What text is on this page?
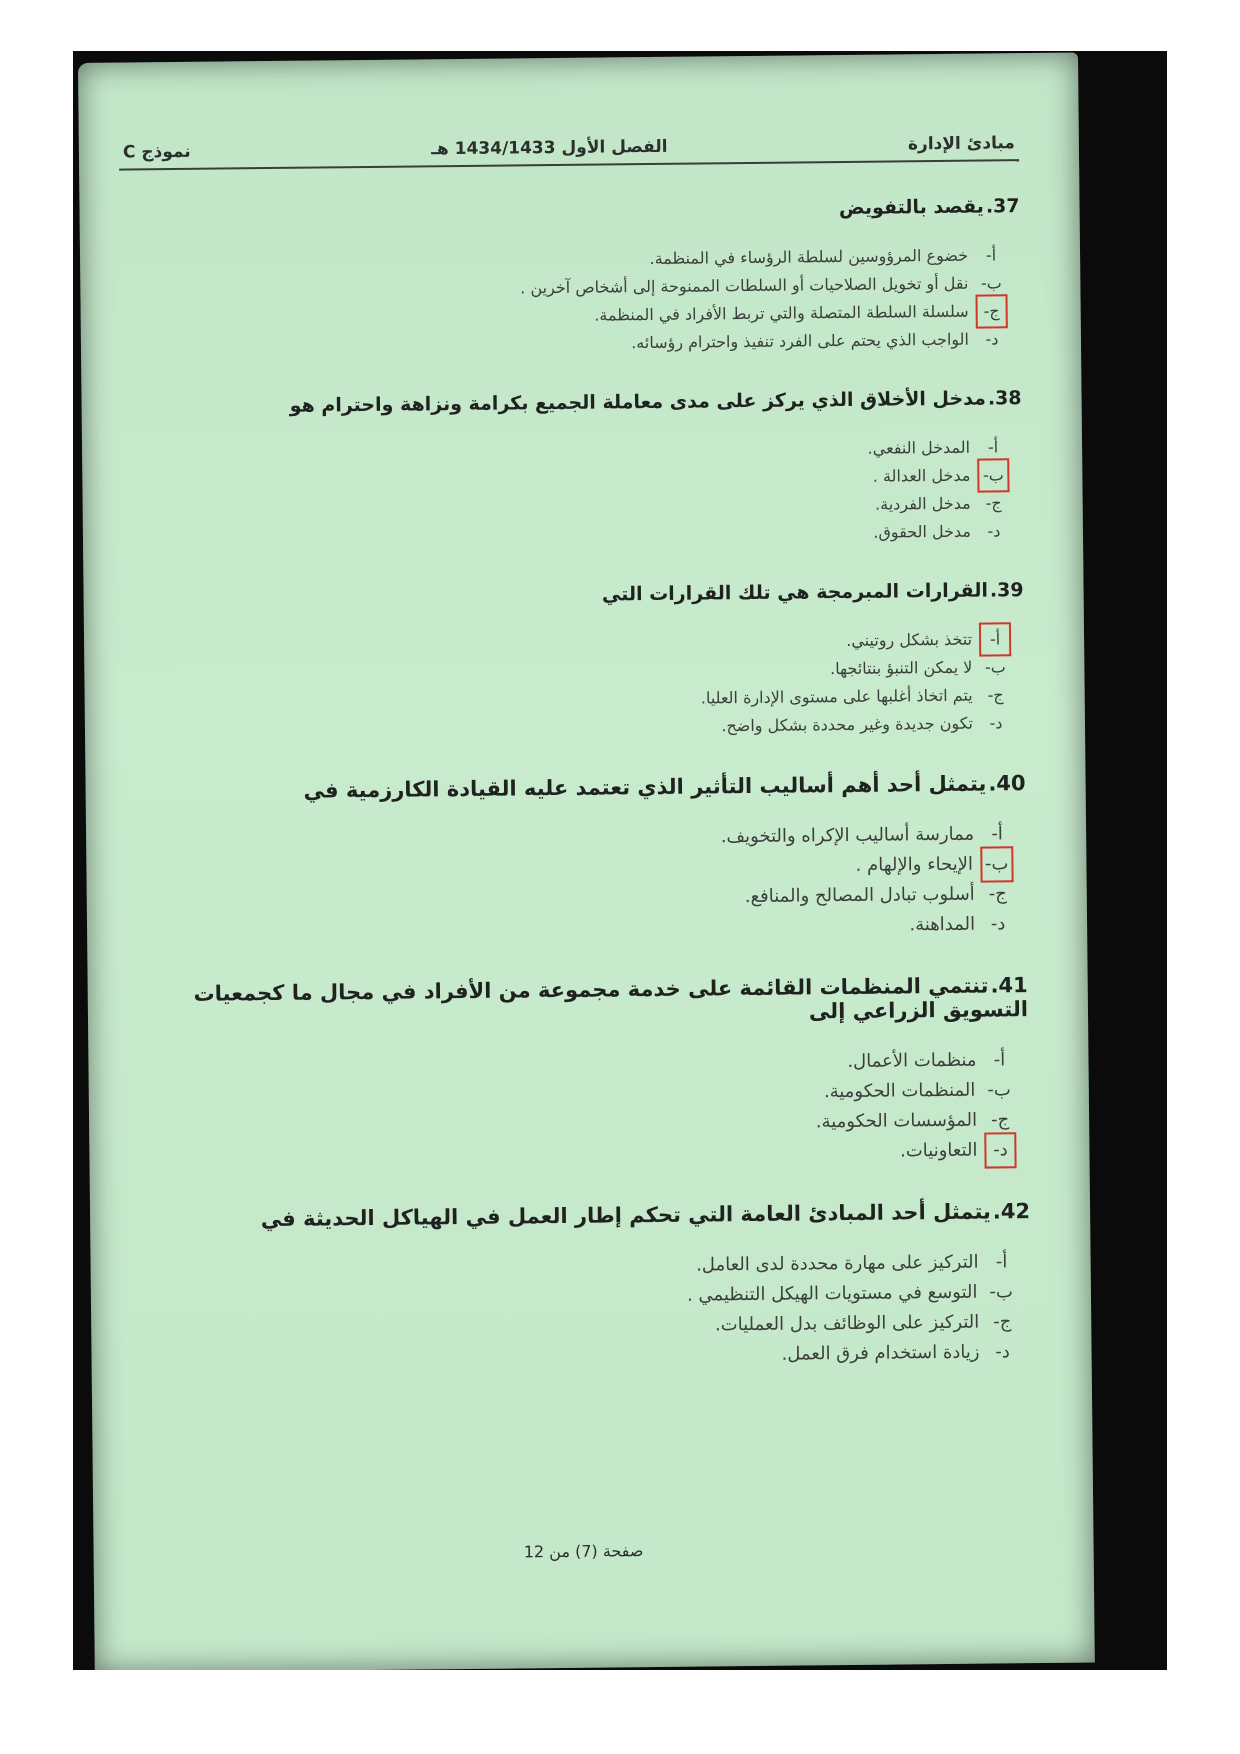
مبادئ الإدارة
الفصل الأول 1434/1433 هـ
نموذج C
37.يقصد بالتفويض
أ-
خضوع المرؤوسين لسلطة الرؤساء في المنظمة.
ب-
نقل أو تخويل الصلاحيات أو السلطات الممنوحة إلى أشخاص آخرين .
ج-
سلسلة السلطة المتصلة والتي تربط الأفراد في المنظمة.
د-
الواجب الذي يحتم على الفرد تنفيذ واحترام رؤسائه.
38.مدخل الأخلاق الذي يركز على مدى معاملة الجميع بكرامة ونزاهة واحترام هو
أ-
المدخل النفعي.
ب-
مدخل العدالة .
ج-
مدخل الفردية.
د-
مدخل الحقوق.
39.القرارات المبرمجة هي تلك القرارات التي
أ-
تتخذ بشكل روتيني.
ب-
لا يمكن التنبؤ بنتائجها.
ج-
يتم اتخاذ أغلبها على مستوى الإدارة العليا.
د-
تكون جديدة وغير محددة بشكل واضح.
40.يتمثل أحد أهم أساليب التأثير الذي تعتمد عليه القيادة الكارزمية في
أ-
ممارسة أساليب الإكراه والتخويف.
ب-
الإيحاء والإلهام .
ج-
أسلوب تبادل المصالح والمنافع.
د-
المداهنة.
41.تنتمي المنظمات القائمة على خدمة مجموعة من الأفراد في مجال ما كجمعيات التسويق الزراعي إلى
أ-
منظمات الأعمال.
ب-
المنظمات الحكومية.
ج-
المؤسسات الحكومية.
د-
التعاونيات.
42.يتمثل أحد المبادئ العامة التي تحكم إطار العمل في الهياكل الحديثة في
أ-
التركيز على مهارة محددة لدى العامل.
ب-
التوسع في مستويات الهيكل التنظيمي .
ج-
التركيز على الوظائف بدل العمليات.
د-
زيادة استخدام فرق العمل.
صفحة (7) من 12
